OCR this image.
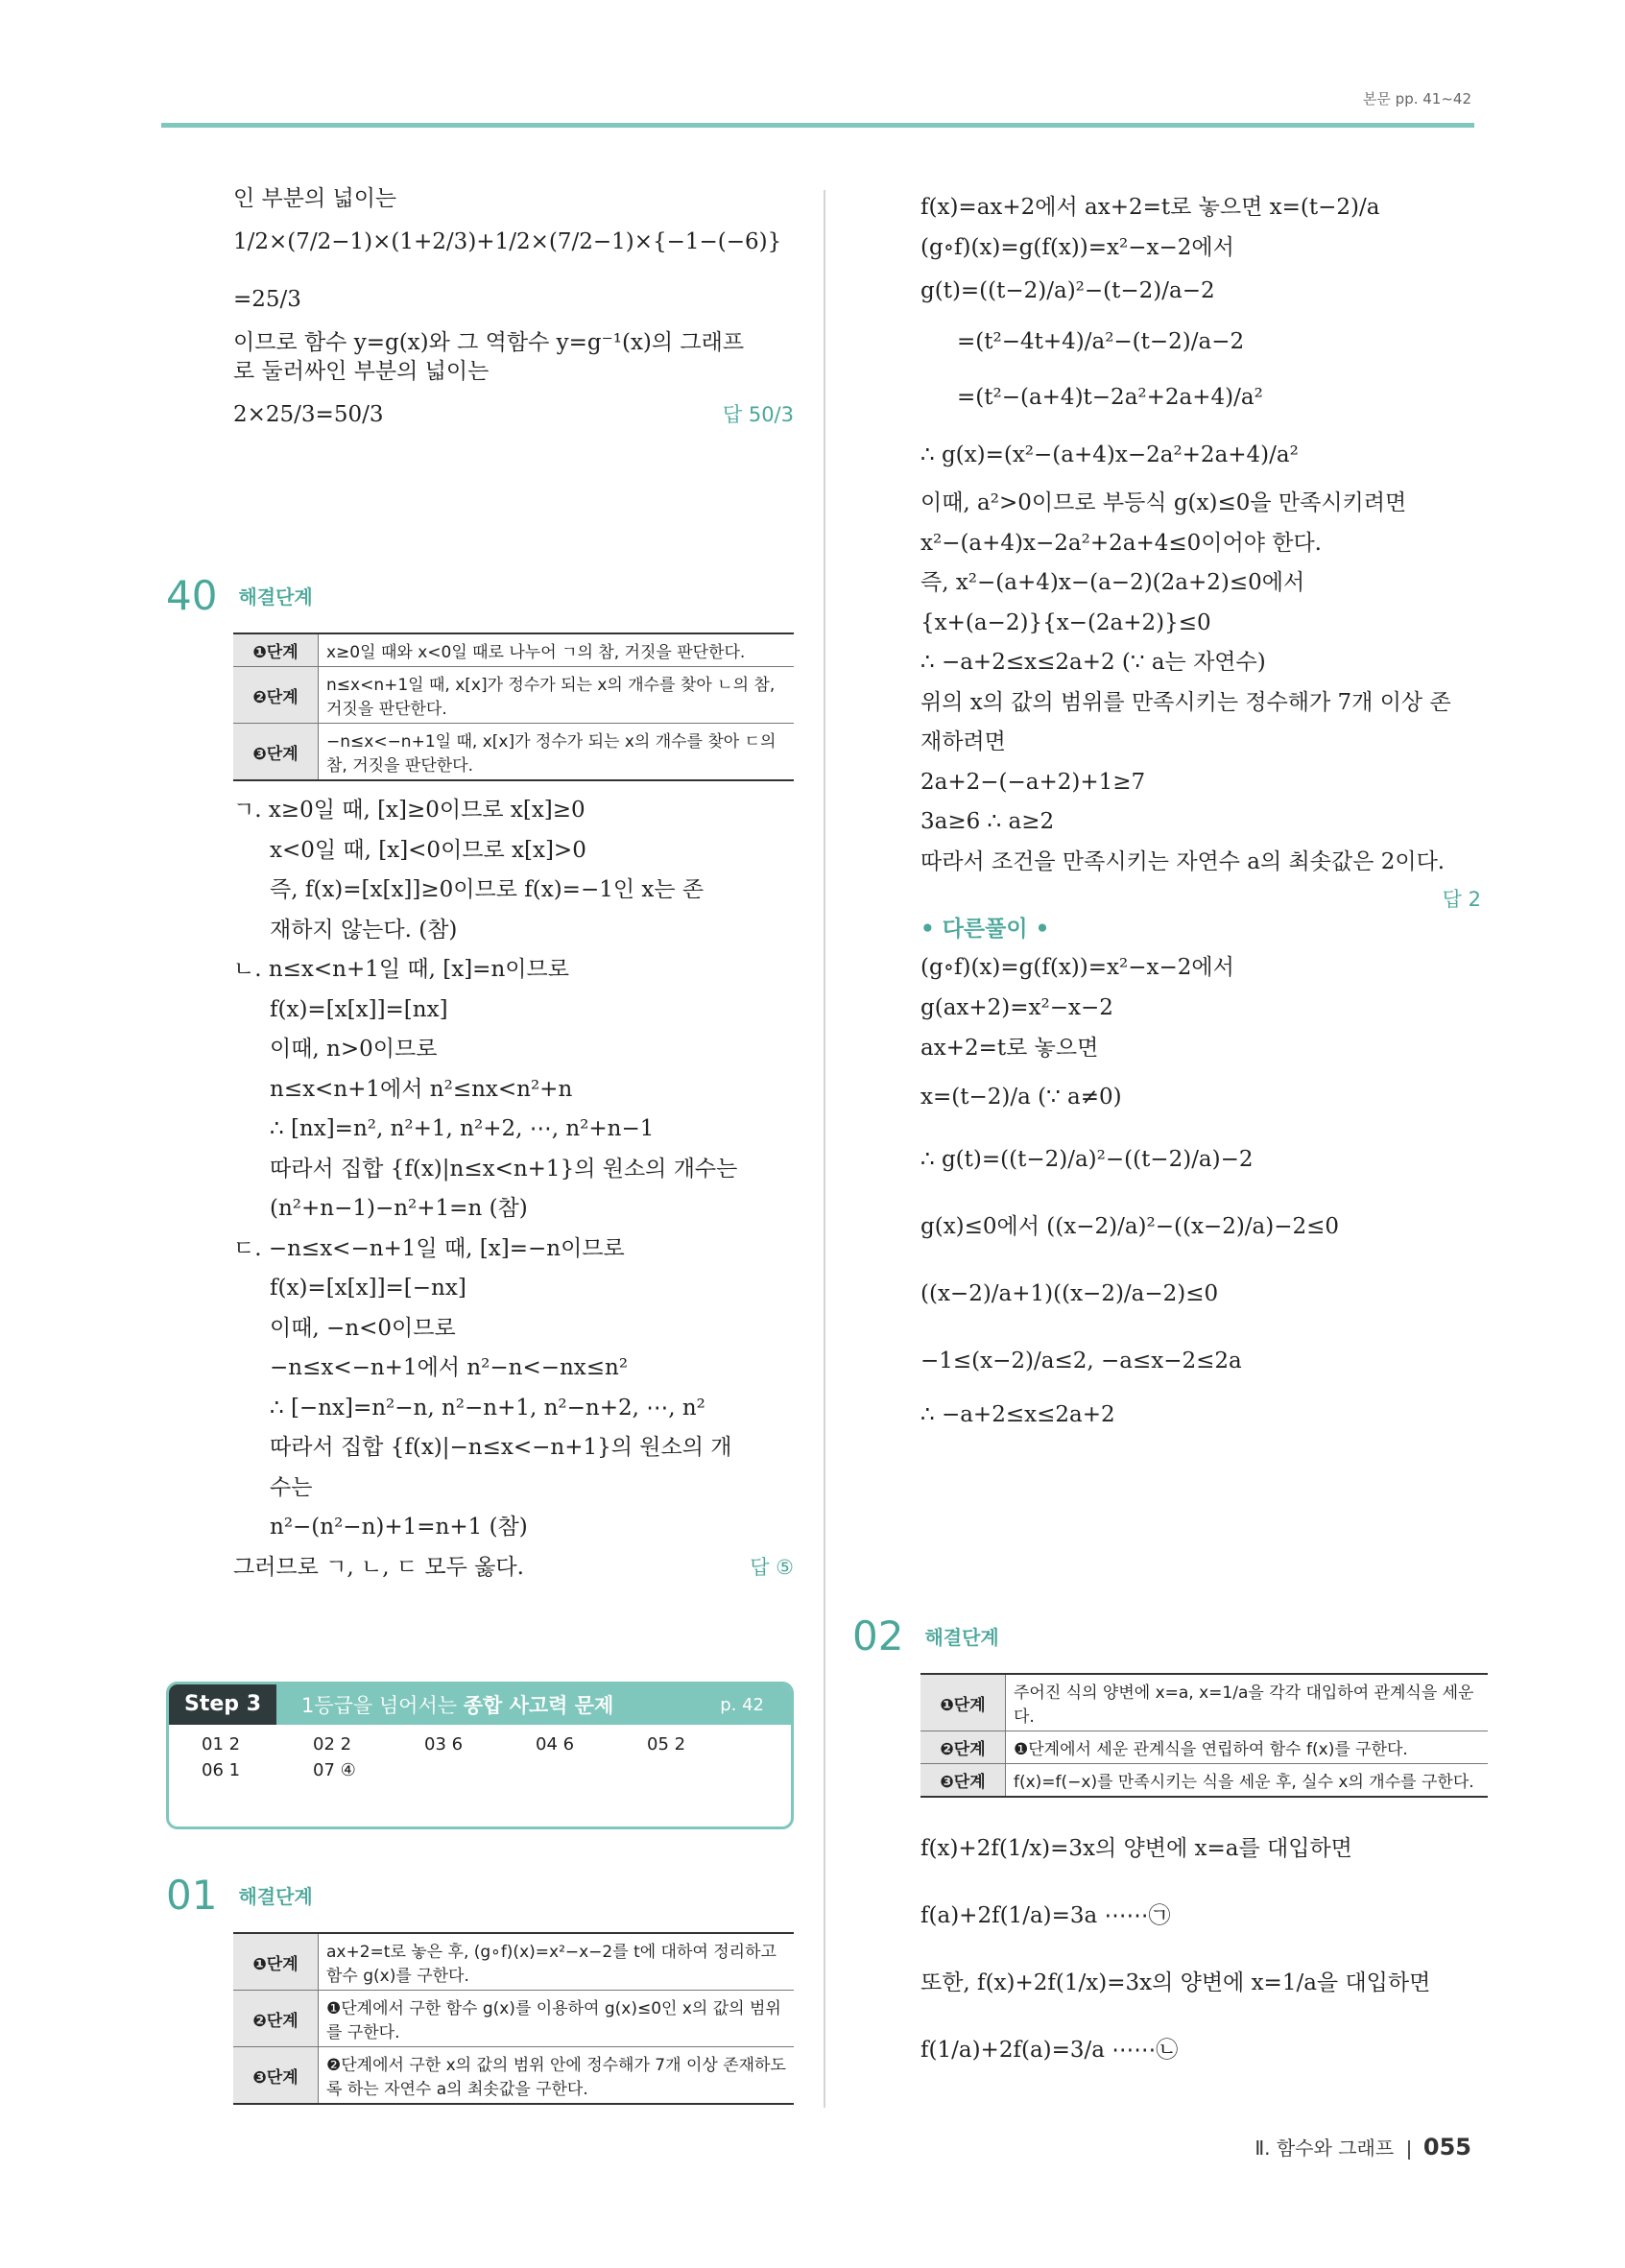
본문 pp. 41~42
인 부분의 넓이는
1/2×(7/2−1)×(1+2/3)+1/2×(7/2−1)×{−1−(−6)}
=25/3
이므로 함수 y=g(x)와 그 역함수 y=g⁻¹(x)의 그래프
로 둘러싸인 부분의 넓이는
2×25/3=50/3	답 50/3
40 해결단계
❶단계	x≥0일 때와 x<0일 때로 나누어 ㄱ의 참, 거짓을 판단한다.
❷단계	n≤x<n+1일 때, x[x]가 정수가 되는 x의 개수를 찾아 ㄴ의 참, 거짓을 판단한다.
❸단계	−n≤x<−n+1일 때, x[x]가 정수가 되는 x의 개수를 찾아 ㄷ의 참, 거짓을 판단한다.
ㄱ. x≥0일 때, [x]≥0이므로 x[x]≥0
x<0일 때, [x]<0이므로 x[x]>0
즉, f(x)=[x[x]]≥0이므로 f(x)=−1인 x는 존
재하지 않는다. (참)
ㄴ. n≤x<n+1일 때, [x]=n이므로
f(x)=[x[x]]=[nx]
이때, n>0이므로
n≤x<n+1에서 n²≤nx<n²+n
∴ [nx]=n², n²+1, n²+2, ⋯, n²+n−1
따라서 집합 {f(x)|n≤x<n+1}의 원소의 개수는
(n²+n−1)−n²+1=n (참)
ㄷ. −n≤x<−n+1일 때, [x]=−n이므로
f(x)=[x[x]]=[−nx]
이때, −n<0이므로
−n≤x<−n+1에서 n²−n<−nx≤n²
∴ [−nx]=n²−n, n²−n+1, n²−n+2, ⋯, n²
따라서 집합 {f(x)|−n≤x<−n+1}의 원소의 개
수는
n²−(n²−n)+1=n+1 (참)
그러므로 ㄱ, ㄴ, ㄷ 모두 옳다.	답 ⑤
Step 3	1등급을 넘어서는 종합 사고력 문제	p. 42
01 2	02 2	03 6	04 6	05 2
06 1	07 ④
01 해결단계
❶단계	ax+2=t로 놓은 후, (g∘f)(x)=x²−x−2를 t에 대하여 정리하고 함수 g(x)를 구한다.
❷단계	❶단계에서 구한 함수 g(x)를 이용하여 g(x)≤0인 x의 값의 범위를 구한다.
❸단계	❷단계에서 구한 x의 값의 범위 안에 정수해가 7개 이상 존재하도록 하는 자연수 a의 최솟값을 구한다.
f(x)=ax+2에서 ax+2=t로 놓으면 x=(t−2)/a
(g∘f)(x)=g(f(x))=x²−x−2에서
g(t)=((t−2)/a)²−(t−2)/a−2
=(t²−4t+4)/a²−(t−2)/a−2
=(t²−(a+4)t−2a²+2a+4)/a²
∴ g(x)=(x²−(a+4)x−2a²+2a+4)/a²
이때, a²>0이므로 부등식 g(x)≤0을 만족시키려면
x²−(a+4)x−2a²+2a+4≤0이어야 한다.
즉, x²−(a+4)x−(a−2)(2a+2)≤0에서
{x+(a−2)}{x−(2a+2)}≤0
∴ −a+2≤x≤2a+2 (∵ a는 자연수)
위의 x의 값의 범위를 만족시키는 정수해가 7개 이상 존
재하려면
2a+2−(−a+2)+1≥7
3a≥6 ∴ a≥2
따라서 조건을 만족시키는 자연수 a의 최솟값은 2이다.
답 2
• 다른풀이 •
(g∘f)(x)=g(f(x))=x²−x−2에서
g(ax+2)=x²−x−2
ax+2=t로 놓으면
x=(t−2)/a (∵ a≠0)
∴ g(t)=((t−2)/a)²−((t−2)/a)−2
g(x)≤0에서 ((x−2)/a)²−((x−2)/a)−2≤0
((x−2)/a+1)((x−2)/a−2)≤0
−1≤(x−2)/a≤2, −a≤x−2≤2a
∴ −a+2≤x≤2a+2
02 해결단계
❶단계	주어진 식의 양변에 x=a, x=1/a을 각각 대입하여 관계식을 세운다.
❷단계	❶단계에서 세운 관계식을 연립하여 함수 f(x)를 구한다.
❸단계	f(x)=f(−x)를 만족시키는 식을 세운 후, 실수 x의 개수를 구한다.
f(x)+2f(1/x)=3x의 양변에 x=a를 대입하면
f(a)+2f(1/a)=3a ⋯⋯㉠
또한, f(x)+2f(1/x)=3x의 양변에 x=1/a을 대입하면
f(1/a)+2f(a)=3/a ⋯⋯㉡
Ⅱ. 함수와 그래프 055
